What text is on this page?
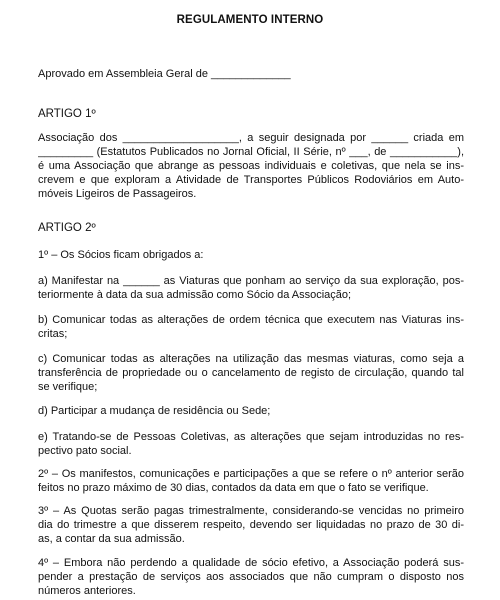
REGULAMENTO INTERNO
Aprovado em Assembleia Geral de _____________
ARTIGO 1º
Associação dos ___________________, a seguir designada por ______ criada em
_________ (Estatutos Publicados no Jornal Oficial, II Série, nº ___, de ___________),
é uma Associação que abrange as pessoas individuais e coletivas, que nela se ins-
crevem e que exploram a Atividade de Transportes Públicos Rodoviários em Auto-
móveis Ligeiros de Passageiros.
ARTIGO 2º
1º – Os Sócios ficam obrigados a:
a) Manifestar na ______ as Viaturas que ponham ao serviço da sua exploração, pos-
teriormente à data da sua admissão como Sócio da Associação;
b) Comunicar todas as alterações de ordem técnica que executem nas Viaturas ins-
critas;
c) Comunicar todas as alterações na utilização das mesmas viaturas, como seja a
transferência de propriedade ou o cancelamento de registo de circulação, quando tal
se verifique;
d) Participar a mudança de residência ou Sede;
e) Tratando-se de Pessoas Coletivas, as alterações que sejam introduzidas no res-
pectivo pato social.
2º – Os manifestos, comunicações e participações a que se refere o nº anterior serão
feitos no prazo máximo de 30 dias, contados da data em que o fato se verifique.
3º – As Quotas serão pagas trimestralmente, considerando-se vencidas no primeiro
dia do trimestre a que disserem respeito, devendo ser liquidadas no prazo de 30 di-
as, a contar da sua admissão.
4º – Embora não perdendo a qualidade de sócio efetivo, a Associação poderá sus-
pender a prestação de serviços aos associados que não cumpram o disposto nos
números anteriores.
